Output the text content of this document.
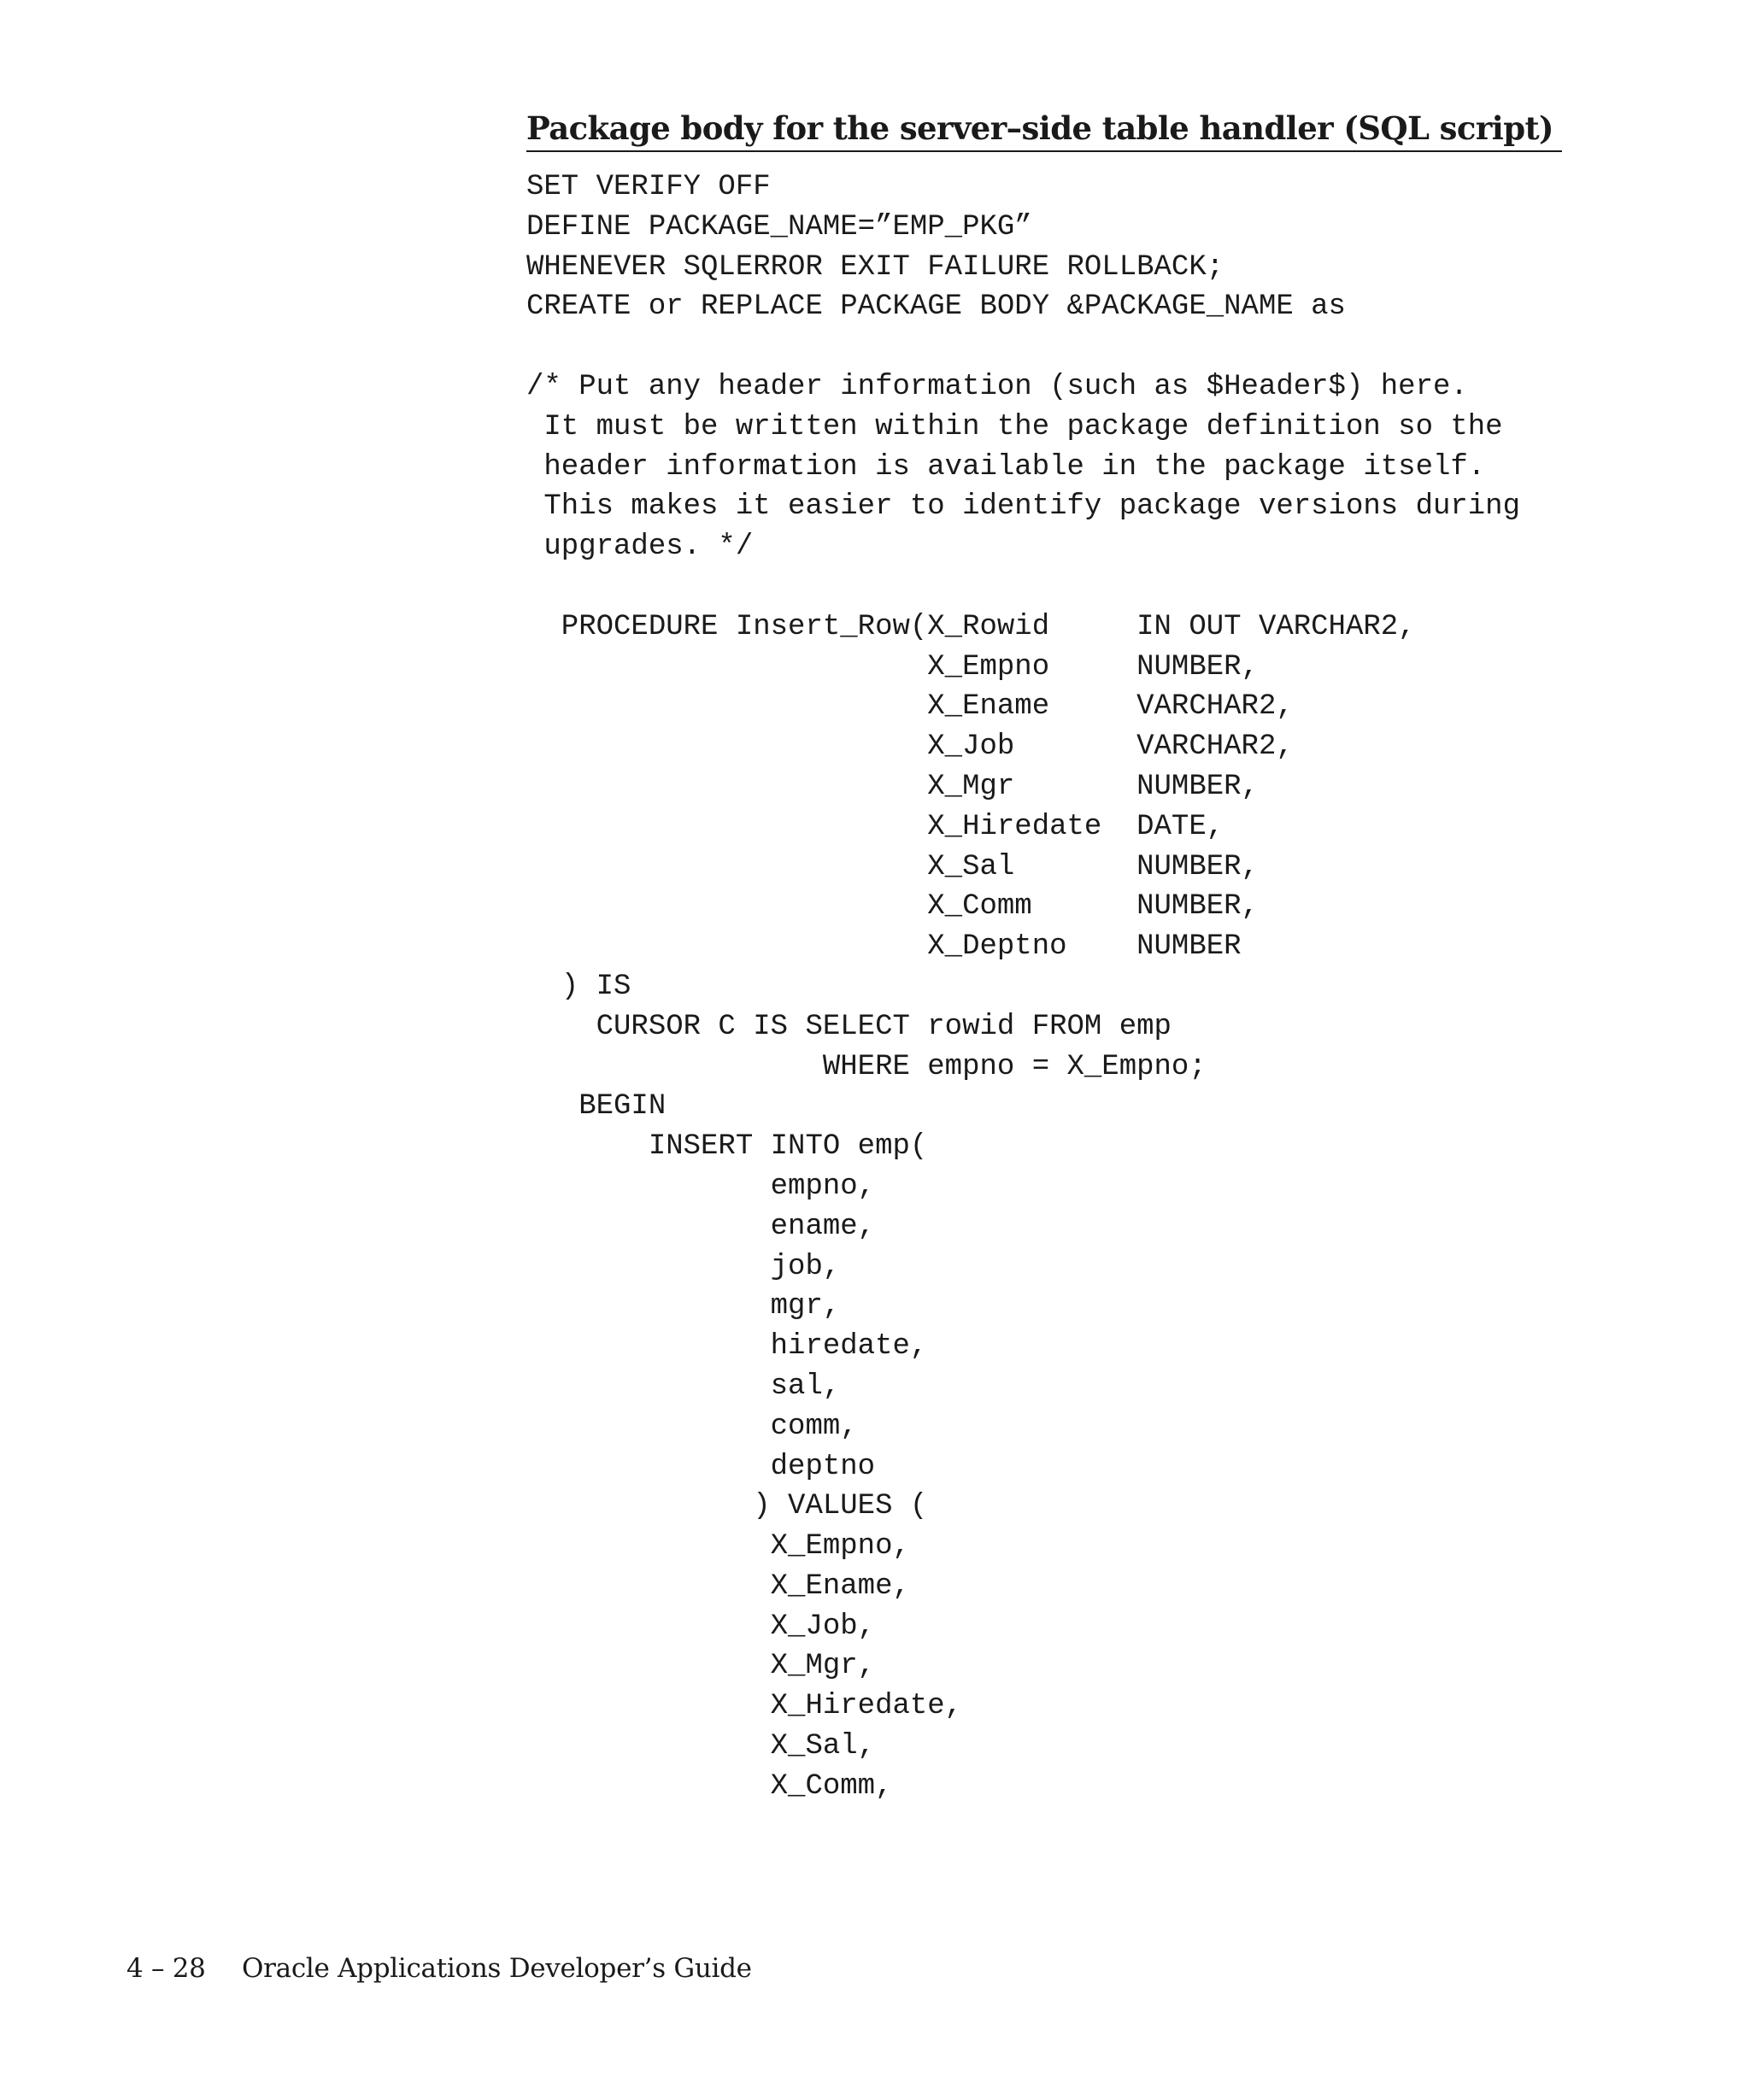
Package body for the server–side table handler (SQL script)
SET VERIFY OFF
DEFINE PACKAGE_NAME=”EMP_PKG”
WHENEVER SQLERROR EXIT FAILURE ROLLBACK;
CREATE or REPLACE PACKAGE BODY &PACKAGE_NAME as

/* Put any header information (such as $Header$) here.
It must be written within the package definition so the
header information is available in the package itself.
This makes it easier to identify package versions during
upgrades. */

PROCEDURE Insert_Row(X_Rowid     IN OUT VARCHAR2,
X_Empno     NUMBER,
X_Ename     VARCHAR2,
X_Job       VARCHAR2,
X_Mgr       NUMBER,
X_Hiredate  DATE,
X_Sal       NUMBER,
X_Comm      NUMBER,
X_Deptno    NUMBER
) IS
CURSOR C IS SELECT rowid FROM emp
WHERE empno = X_Empno;
BEGIN
INSERT INTO emp(
empno,
ename,
job,
mgr,
hiredate,
sal,
comm,
deptno
) VALUES (
X_Empno,
X_Ename,
X_Job,
X_Mgr,
X_Hiredate,
X_Sal,
X_Comm,
4 – 28 Oracle Applications Developer’s Guide
